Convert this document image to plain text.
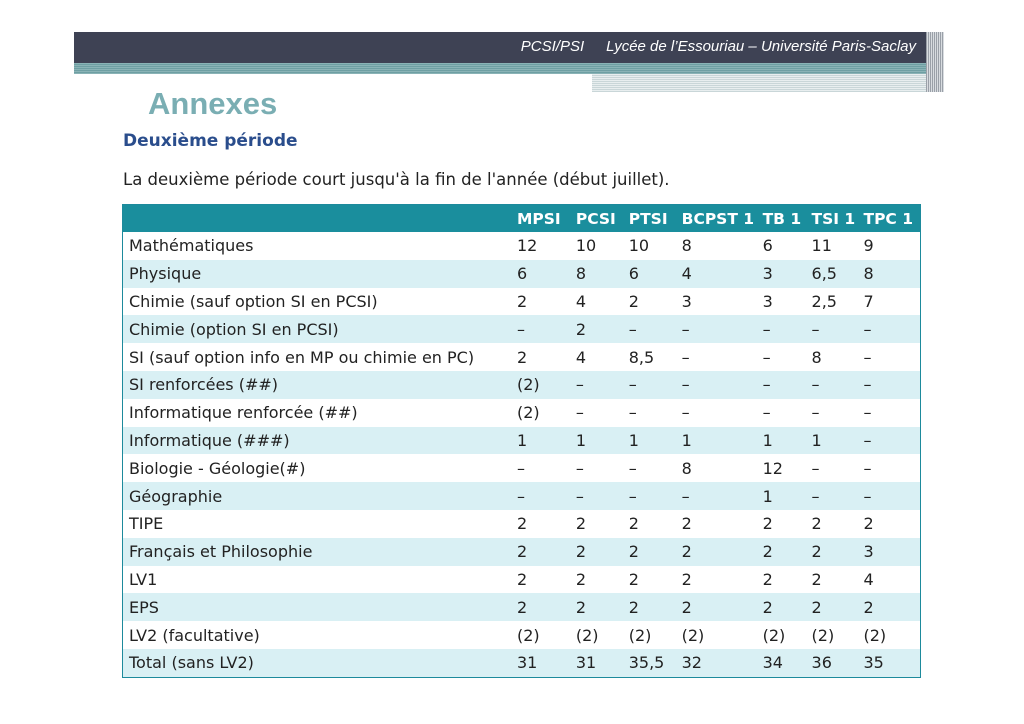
PCSI/PSI Lycée de l’Essouriau – Université Paris-Saclay
Annexes
Deuxième période

La deuxième période court jusqu'à la fin de l'année (début juillet).

	MPSI	PCSI	PTSI	BCPST 1	TB 1	TSI 1	TPC 1
Mathématiques	12	10	10	8	6	11	9
Physique	6	8	6	4	3	6,5	8
Chimie (sauf option SI en PCSI)	2	4	2	3	3	2,5	7
Chimie (option SI en PCSI)	–	2	–	–	–	–	–
SI (sauf option info en MP ou chimie en PC)	2	4	8,5	–	–	8	–
SI renforcées (##)	(2)	–	–	–	–	–	–
Informatique renforcée (##)	(2)	–	–	–	–	–	–
Informatique (###)	1	1	1	1	1	1	–
Biologie - Géologie(#)	–	–	–	8	12	–	–
Géographie	–	–	–	–	1	–	–
TIPE	2	2	2	2	2	2	2
Français et Philosophie	2	2	2	2	2	2	3
LV1	2	2	2	2	2	2	4
EPS	2	2	2	2	2	2	2
LV2 (facultative)	(2)	(2)	(2)	(2)	(2)	(2)	(2)
Total (sans LV2)	31	31	35,5	32	34	36	35
